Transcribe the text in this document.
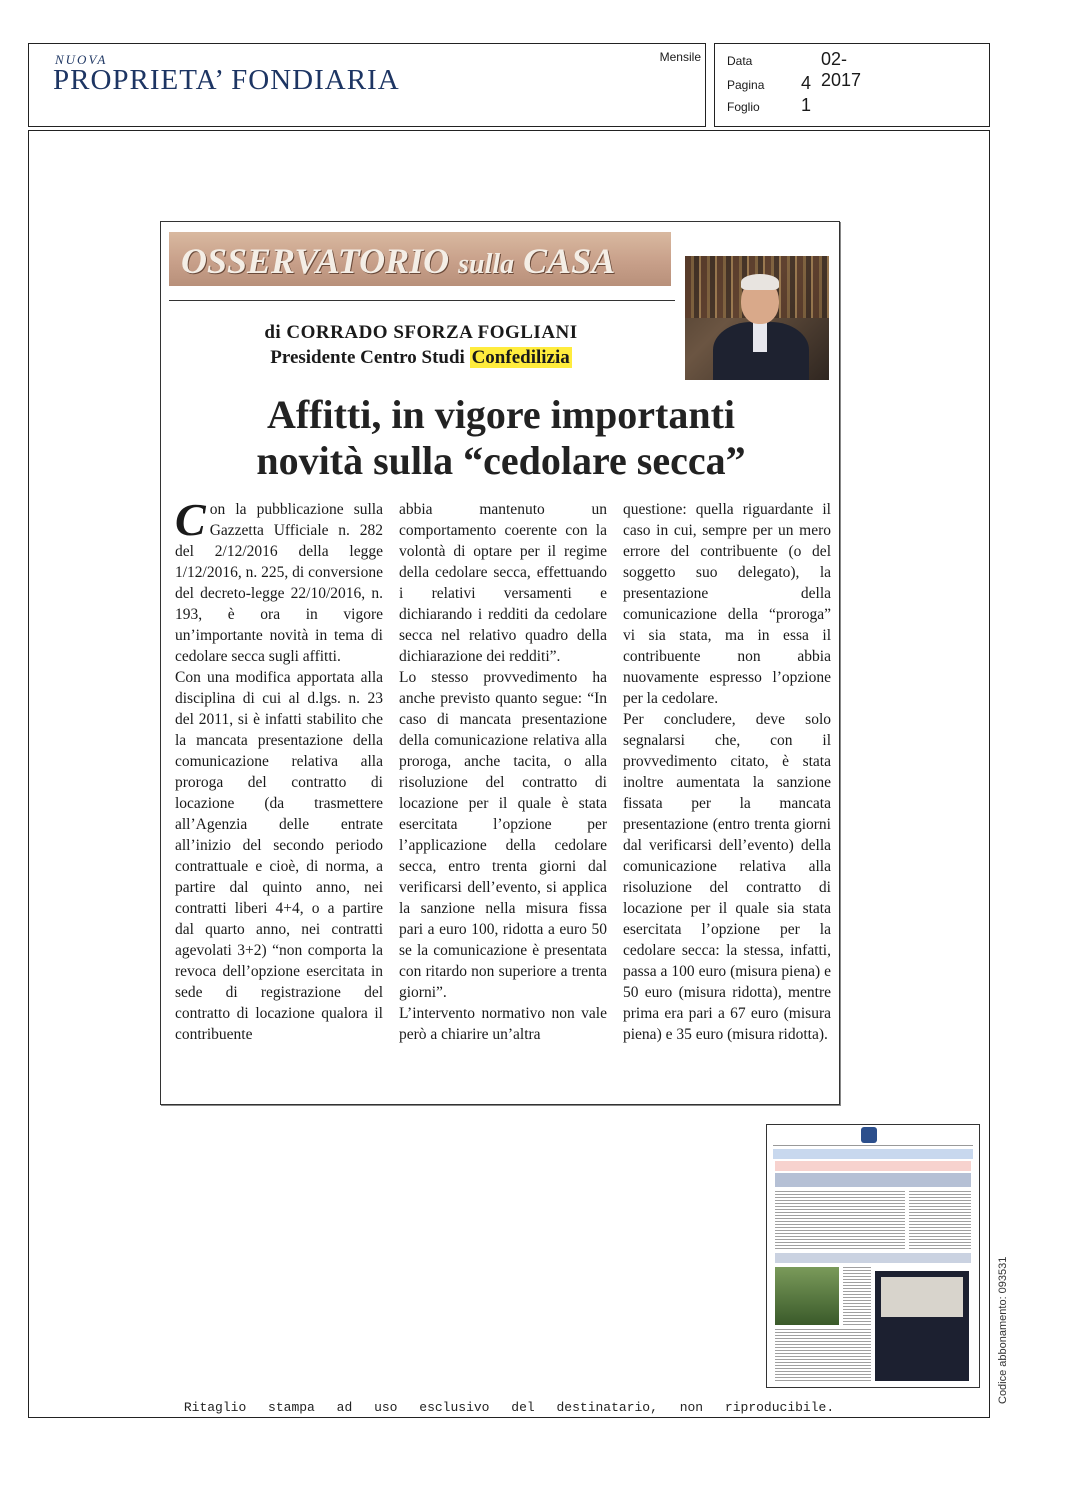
NUOVA
PROPRIETA’ FONDIARIA
Mensile Data	02-2017
Pagina 4
Foglio 1
OSSERVATORIO sulla CASA
di CORRADO SFORZA FOGLIANI
Presidente Centro Studi Confedilizia
Affitti, in vigore importanti
novità sulla “cedolare secca”

Con la pubblicazione sulla Gazzetta Ufficiale n. 282 del 2/12/2016 della legge 1/12/2016, n. 225, di conversione del decreto-legge 22/10/2016, n. 193, è ora in vigore un’importante novità in tema di cedolare secca sugli affitti.

Con una modifica apportata alla disciplina di cui al d.lgs. n. 23 del 2011, si è infatti stabilito che la mancata presentazione della comunicazione relativa alla proroga del contratto di locazione (da trasmettere all’Agenzia delle entrate all’inizio del secondo periodo contrattuale e cioè, di norma, a partire dal quinto anno, nei contratti liberi 4+4, o a partire dal quarto anno, nei contratti agevolati 3+2) “non comporta la revoca dell’opzione esercitata in sede di registrazione del contratto di locazione qualora il contribuente

abbia mantenuto un comportamento coerente con la volontà di optare per il regime della cedolare secca, effettuando i relativi versamenti e dichiarando i redditi da cedolare secca nel relativo quadro della dichiarazione dei redditi”.

Lo stesso provvedimento ha anche previsto quanto segue: “In caso di mancata presentazione della comunicazione relativa alla proroga, anche tacita, o alla risoluzione del contratto di locazione per il quale è stata esercitata l’opzione per l’applicazione della cedolare secca, entro trenta giorni dal verificarsi dell’evento, si applica la sanzione nella misura fissa pari a euro 100, ridotta a euro 50 se la comunicazione è presentata con ritardo non superiore a trenta giorni”.

L’intervento normativo non vale però a chiarire un’altra

questione: quella riguardante il caso in cui, sempre per un mero errore del contribuente (o del soggetto suo delegato), la presentazione della comunicazione della “proroga” vi sia stata, ma in essa il contribuente non abbia nuovamente espresso l’opzione per la cedolare.

Per concludere, deve solo segnalarsi che, con il provvedimento citato, è stata inoltre aumentata la sanzione fissata per la mancata presentazione (entro trenta giorni dal verificarsi dell’evento) della comunicazione relativa alla risoluzione del contratto di locazione per il quale sia stata esercitata l’opzione per la cedolare secca: la stessa, infatti, passa a 100 euro (misura piena) e 50 euro (misura ridotta), mentre prima era pari a 67 euro (misura piena) e 35 euro (misura ridotta).

Codice abbonamento: 093531
Ritaglio stampa ad uso esclusivo del destinatario, non riproducibile.
